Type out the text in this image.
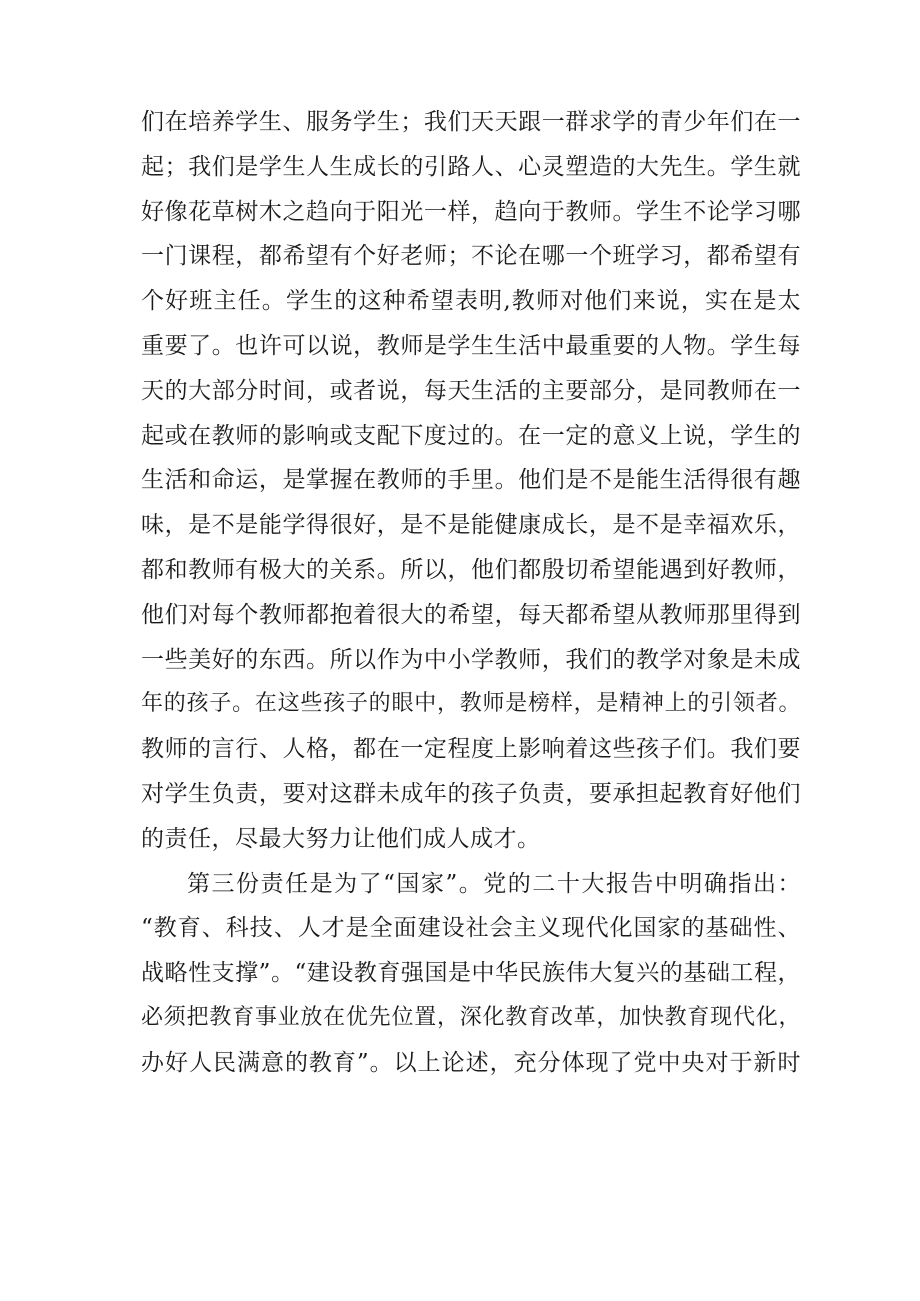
们在培养学生、服务学生；我们天天跟一群求学的青少年们在一
起；我们是学生人生成长的引路人、心灵塑造的大先生。学生就
好像花草树木之趋向于阳光一样，趋向于教师。学生不论学习哪
一门课程，都希望有个好老师；不论在哪一个班学习，都希望有
个好班主任。学生的这种希望表明,教师对他们来说，实在是太
重要了。也许可以说，教师是学生生活中最重要的人物。学生每
天的大部分时间，或者说，每天生活的主要部分，是同教师在一
起或在教师的影响或支配下度过的。在一定的意义上说，学生的
生活和命运，是掌握在教师的手里。他们是不是能生活得很有趣
味，是不是能学得很好，是不是能健康成长，是不是幸福欢乐，
都和教师有极大的关系。所以，他们都殷切希望能遇到好教师，
他们对每个教师都抱着很大的希望，每天都希望从教师那里得到
一些美好的东西。所以作为中小学教师，我们的教学对象是未成
年的孩子。在这些孩子的眼中，教师是榜样，是精神上的引领者。
教师的言行、人格，都在一定程度上影响着这些孩子们。我们要
对学生负责，要对这群未成年的孩子负责，要承担起教育好他们
的责任，尽最大努力让他们成人成才。
第三份责任是为了“国家”。党的二十大报告中明确指出：
“教育、科技、人才是全面建设社会主义现代化国家的基础性、
战略性支撑”。“建设教育强国是中华民族伟大复兴的基础工程，
必须把教育事业放在优先位置，深化教育改革，加快教育现代化，
办好人民满意的教育”。以上论述，充分体现了党中央对于新时
